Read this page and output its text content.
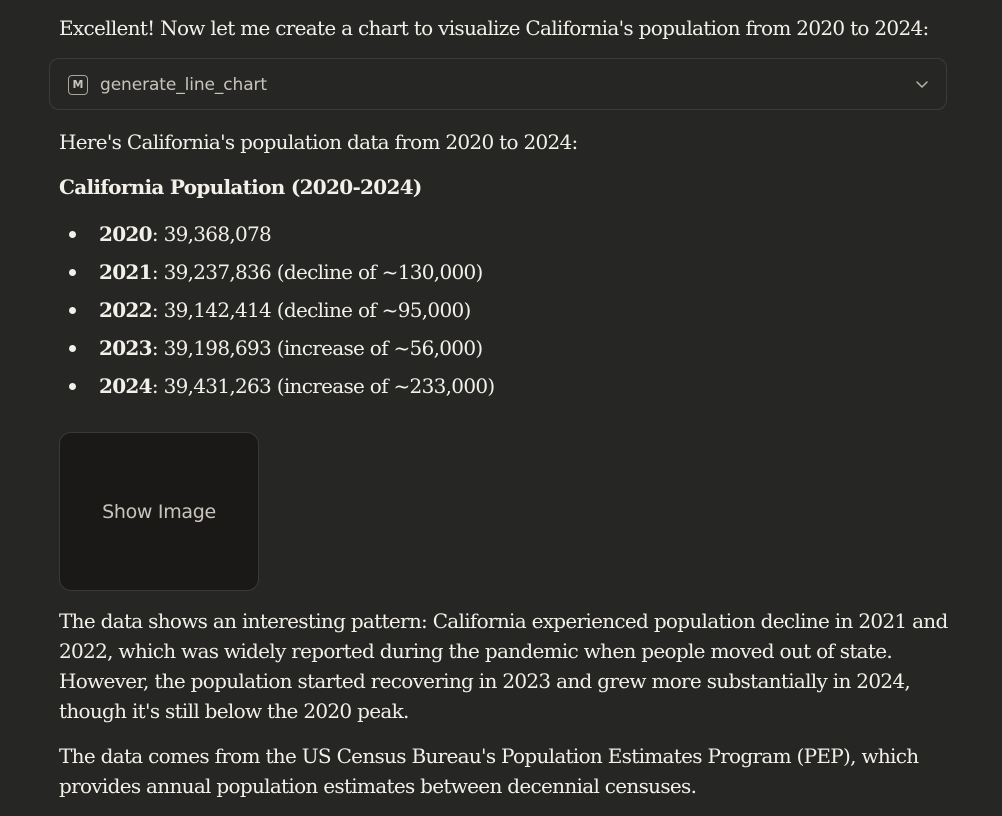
Excellent! Now let me create a chart to visualize California's population from 2020 to 2024:

M generate_line_chart

Here's California's population data from 2020 to 2024:

California Population (2020-2024)

2020: 39,368,078
2021: 39,237,836 (decline of ~130,000)
2022: 39,142,414 (decline of ~95,000)
2023: 39,198,693 (increase of ~56,000)
2024: 39,431,263 (increase of ~233,000)
Show Image

The data shows an interesting pattern: California experienced population decline in 2021 and 2022, which was widely reported during the pandemic when people moved out of state. However, the population started recovering in 2023 and grew more substantially in 2024, though it's still below the 2020 peak.

The data comes from the US Census Bureau's Population Estimates Program (PEP), which provides annual population estimates between decennial censuses.
